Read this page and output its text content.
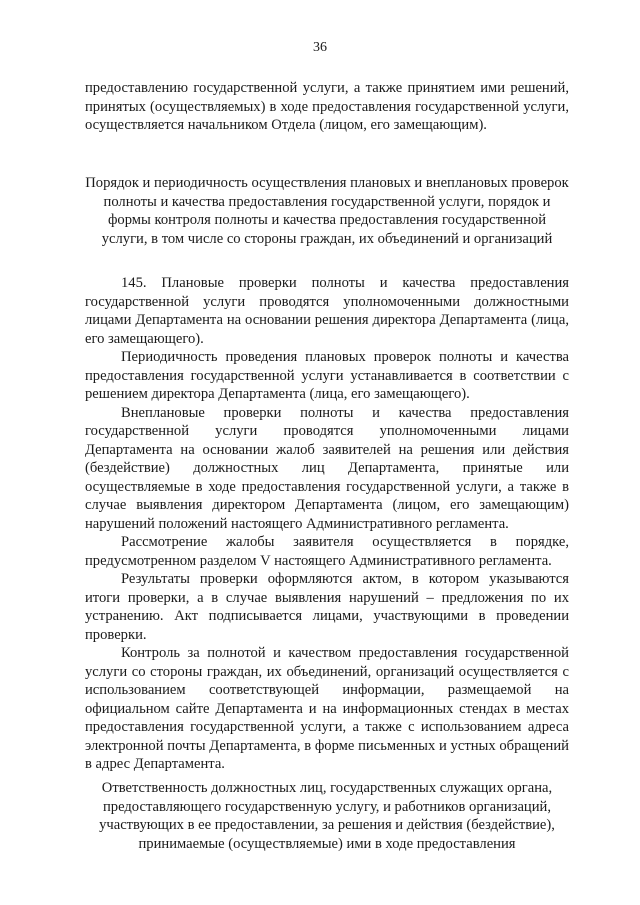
36

предоставлению государственной услуги, а также принятием ими решений, принятых (осуществляемых) в ходе предоставления государственной услуги, осуществляется начальником Отдела (лицом, его замещающим).

Порядок и периодичность осуществления плановых и внеплановых проверок полноты и качества предоставления государственной услуги, порядок и формы контроля полноты и качества предоставления государственной услуги, в том числе со стороны граждан, их объединений и организаций

145. Плановые проверки полноты и качества предоставления государственной услуги проводятся уполномоченными должностными лицами Департамента на основании решения директора Департамента (лица, его замещающего).

Периодичность проведения плановых проверок полноты и качества предоставления государственной услуги устанавливается в соответствии с решением директора Департамента (лица, его замещающего).

Внеплановые проверки полноты и качества предоставления государственной услуги проводятся уполномоченными лицами Департамента на основании жалоб заявителей на решения или действия (бездействие) должностных лиц Департамента, принятые или осуществляемые в ходе предоставления государственной услуги, а также в случае выявления директором Департамента (лицом, его замещающим) нарушений положений настоящего Административного регламента.

Рассмотрение жалобы заявителя осуществляется в порядке, предусмотренном разделом V настоящего Административного регламента.

Результаты проверки оформляются актом, в котором указываются итоги проверки, а в случае выявления нарушений – предложения по их устранению. Акт подписывается лицами, участвующими в проведении проверки.

Контроль за полнотой и качеством предоставления государственной услуги со стороны граждан, их объединений, организаций осуществляется с использованием соответствующей информации, размещаемой на официальном сайте Департамента и на информационных стендах в местах предоставления государственной услуги, а также с использованием адреса электронной почты Департамента, в форме письменных и устных обращений в адрес Департамента.

Ответственность должностных лиц, государственных служащих органа, предоставляющего государственную услугу, и работников организаций, участвующих в ее предоставлении, за решения и действия (бездействие), принимаемые (осуществляемые) ими в ходе предоставления
